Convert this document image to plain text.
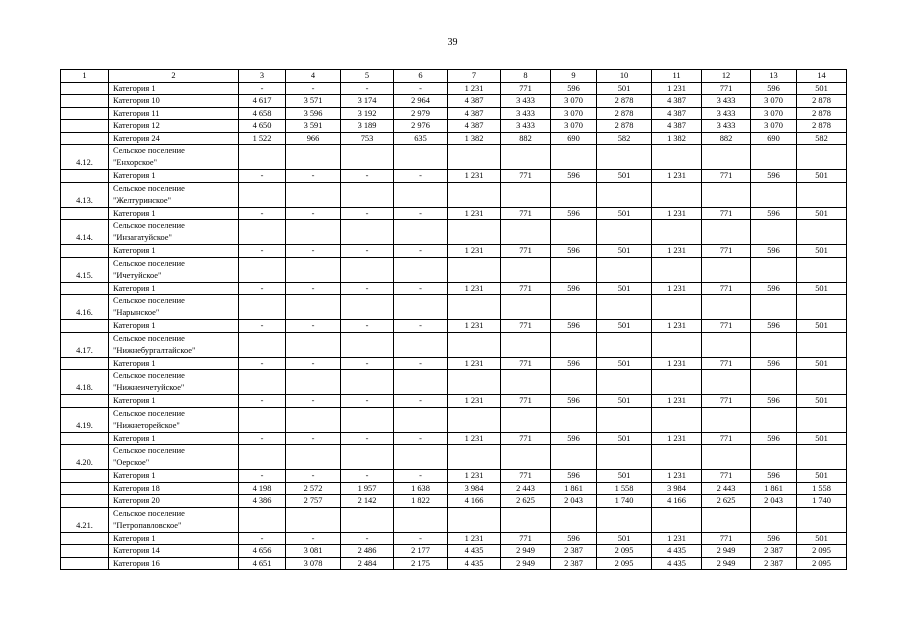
39
1	2	3	4	5	6	7	8	9	10	11	12	13	14
	Категория 1	-	-	-	-	1 231	771	596	501	1 231	771	596	501
	Категория 10	4 617	3 571	3 174	2 964	4 387	3 433	3 070	2 878	4 387	3 433	3 070	2 878
	Категория 11	4 658	3 596	3 192	2 979	4 387	3 433	3 070	2 878	4 387	3 433	3 070	2 878
	Категория 12	4 650	3 591	3 189	2 976	4 387	3 433	3 070	2 878	4 387	3 433	3 070	2 878
	Категория 24	1 522	966	753	635	1 382	882	690	582	1 382	882	690	582
4.12.	Сельское поселение
"Енхорское"												
	Категория 1	-	-	-	-	1 231	771	596	501	1 231	771	596	501
4.13.	Сельское поселение
"Желтуринское"												
	Категория 1	-	-	-	-	1 231	771	596	501	1 231	771	596	501
4.14.	Сельское поселение
"Инзагатуйское"												
	Категория 1	-	-	-	-	1 231	771	596	501	1 231	771	596	501
4.15.	Сельское поселение
"Ичетуйское"												
	Категория 1	-	-	-	-	1 231	771	596	501	1 231	771	596	501
4.16.	Сельское поселение
"Нарынское"												
	Категория 1	-	-	-	-	1 231	771	596	501	1 231	771	596	501
4.17.	Сельское поселение
"Нижнебургалтайское"												
	Категория 1	-	-	-	-	1 231	771	596	501	1 231	771	596	501
4.18.	Сельское поселение
"Нижнеичетуйское"												
	Категория 1	-	-	-	-	1 231	771	596	501	1 231	771	596	501
4.19.	Сельское поселение
"Нижнеторейское"												
	Категория 1	-	-	-	-	1 231	771	596	501	1 231	771	596	501
4.20.	Сельское поселение
"Оерское"												
	Категория 1	-	-	-	-	1 231	771	596	501	1 231	771	596	501
	Категория 18	4 198	2 572	1 957	1 638	3 984	2 443	1 861	1 558	3 984	2 443	1 861	1 558
	Категория 20	4 386	2 757	2 142	1 822	4 166	2 625	2 043	1 740	4 166	2 625	2 043	1 740
4.21.	Сельское поселение
"Петропавловское"												
	Категория 1	-	-	-	-	1 231	771	596	501	1 231	771	596	501
	Категория 14	4 656	3 081	2 486	2 177	4 435	2 949	2 387	2 095	4 435	2 949	2 387	2 095
	Категория 16	4 651	3 078	2 484	2 175	4 435	2 949	2 387	2 095	4 435	2 949	2 387	2 095
